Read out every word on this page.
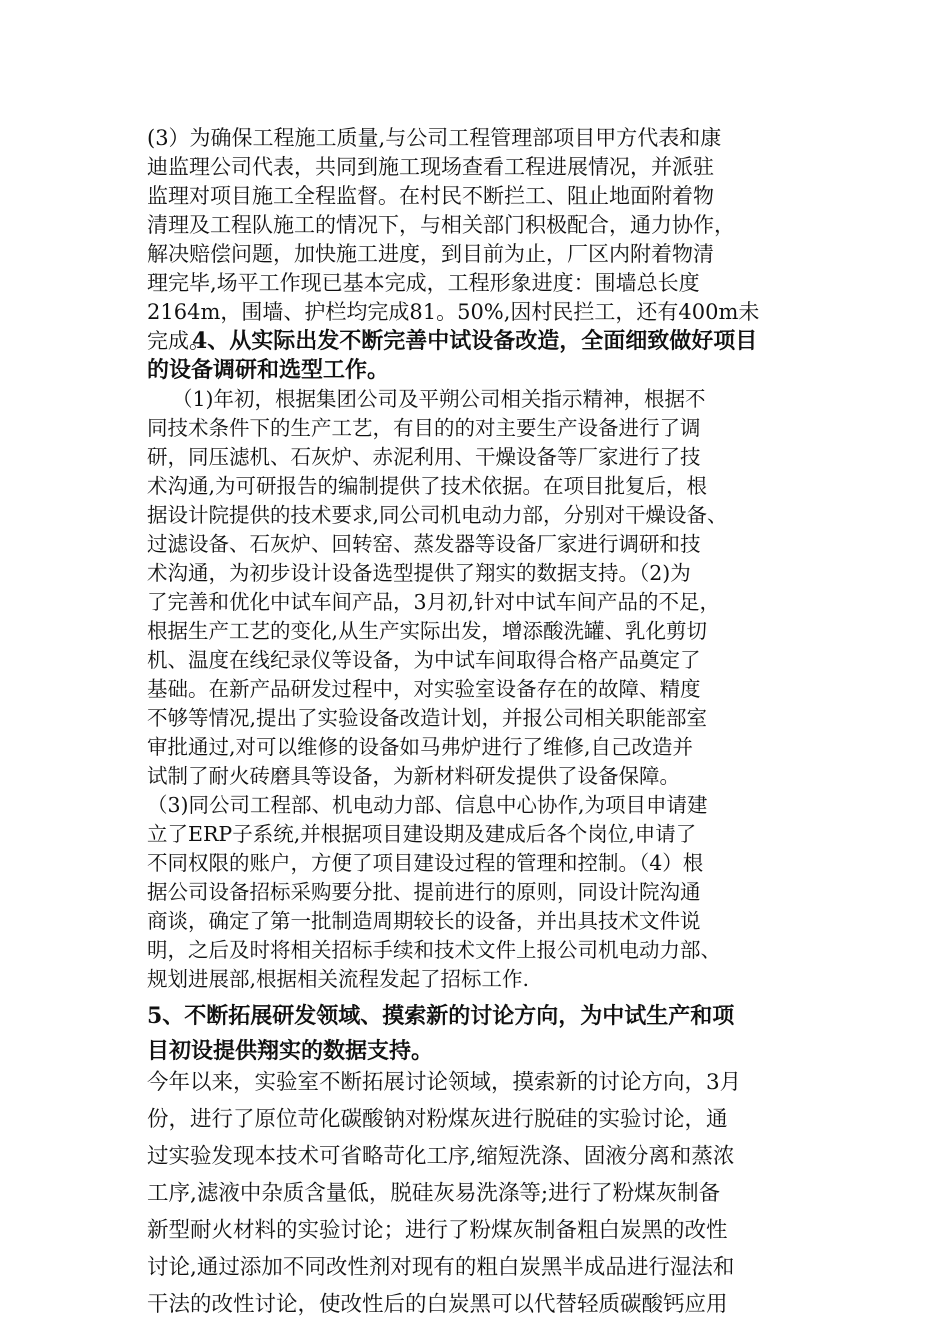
(3）为确保工程施工质量,与公司工程管理部项目甲方代表和康
迪监理公司代表，共同到施工现场查看工程进展情况，并派驻
监理对项目施工全程监督。在村民不断拦工、阻止地面附着物
清理及工程队施工的情况下，与相关部门积极配合，通力协作，
解决赔偿问题，加快施工进度，到目前为止，厂区内附着物清
理完毕,场平工作现已基本完成，工程形象进度：围墙总长度
2164m，围墙、护栏均完成81。50%,因村民拦工，还有400m未
完成。
4、从实际出发不断完善中试设备改造，全面细致做好项目
的设备调研和选型工作。
（1)年初，根据集团公司及平朔公司相关指示精神，根据不
同技术条件下的生产工艺，有目的的对主要生产设备进行了调
研，同压滤机、石灰炉、赤泥利用、干燥设备等厂家进行了技
术沟通,为可研报告的编制提供了技术依据。在项目批复后，根
据设计院提供的技术要求,同公司机电动力部，分别对干燥设备、
过滤设备、石灰炉、回转窑、蒸发器等设备厂家进行调研和技
术沟通，为初步设计设备选型提供了翔实的数据支持。（2)为
了完善和优化中试车间产品，3月初,针对中试车间产品的不足，
根据生产工艺的变化,从生产实际出发，增添酸洗罐、乳化剪切
机、温度在线纪录仪等设备，为中试车间取得合格产品奠定了
基础。在新产品研发过程中，对实验室设备存在的故障、精度
不够等情况,提出了实验设备改造计划，并报公司相关职能部室
审批通过,对可以维修的设备如马弗炉进行了维修,自己改造并
试制了耐火砖磨具等设备，为新材料研发提供了设备保障。
（3)同公司工程部、机电动力部、信息中心协作,为项目申请建
立了ERP子系统,并根据项目建设期及建成后各个岗位,申请了
不同权限的账户，方便了项目建设过程的管理和控制。（4）根
据公司设备招标采购要分批、提前进行的原则，同设计院沟通
商谈，确定了第一批制造周期较长的设备，并出具技术文件说
明，之后及时将相关招标手续和技术文件上报公司机电动力部、
规划进展部,根据相关流程发起了招标工作.
5、不断拓展研发领域、摸索新的讨论方向，为中试生产和项
目初设提供翔实的数据支持。
今年以来，实验室不断拓展讨论领域，摸索新的讨论方向，3月
份，进行了原位苛化碳酸钠对粉煤灰进行脱硅的实验讨论，通
过实验发现本技术可省略苛化工序,缩短洗涤、固液分离和蒸浓
工序,滤液中杂质含量低，脱硅灰易洗涤等;进行了粉煤灰制备
新型耐火材料的实验讨论；进行了粉煤灰制备粗白炭黑的改性
讨论,通过添加不同改性剂对现有的粗白炭黑半成品进行湿法和
干法的改性讨论，使改性后的白炭黑可以代替轻质碳酸钙应用
